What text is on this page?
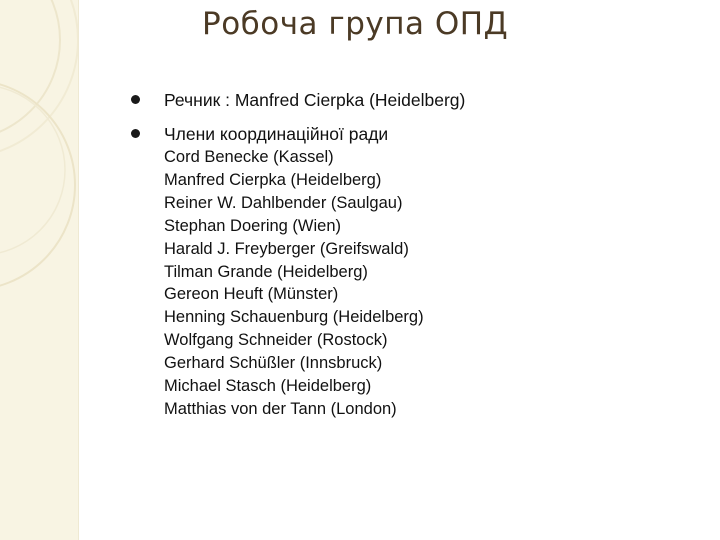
Робоча група ОПД
Речник : Manfred Cierpka (Heidelberg)
Члени координаційної ради
Cord Benecke (Kassel)
Manfred Cierpka (Heidelberg)
Reiner W. Dahlbender (Saulgau)
Stephan Doering (Wien)
Harald J. Freyberger (Greifswald)
Tilman Grande (Heidelberg)
Gereon Heuft (Münster)
Henning Schauenburg (Heidelberg)
Wolfgang Schneider (Rostock)
Gerhard Schüßler (Innsbruck)
Michael Stasch (Heidelberg)
Matthias von der Tann (London)
